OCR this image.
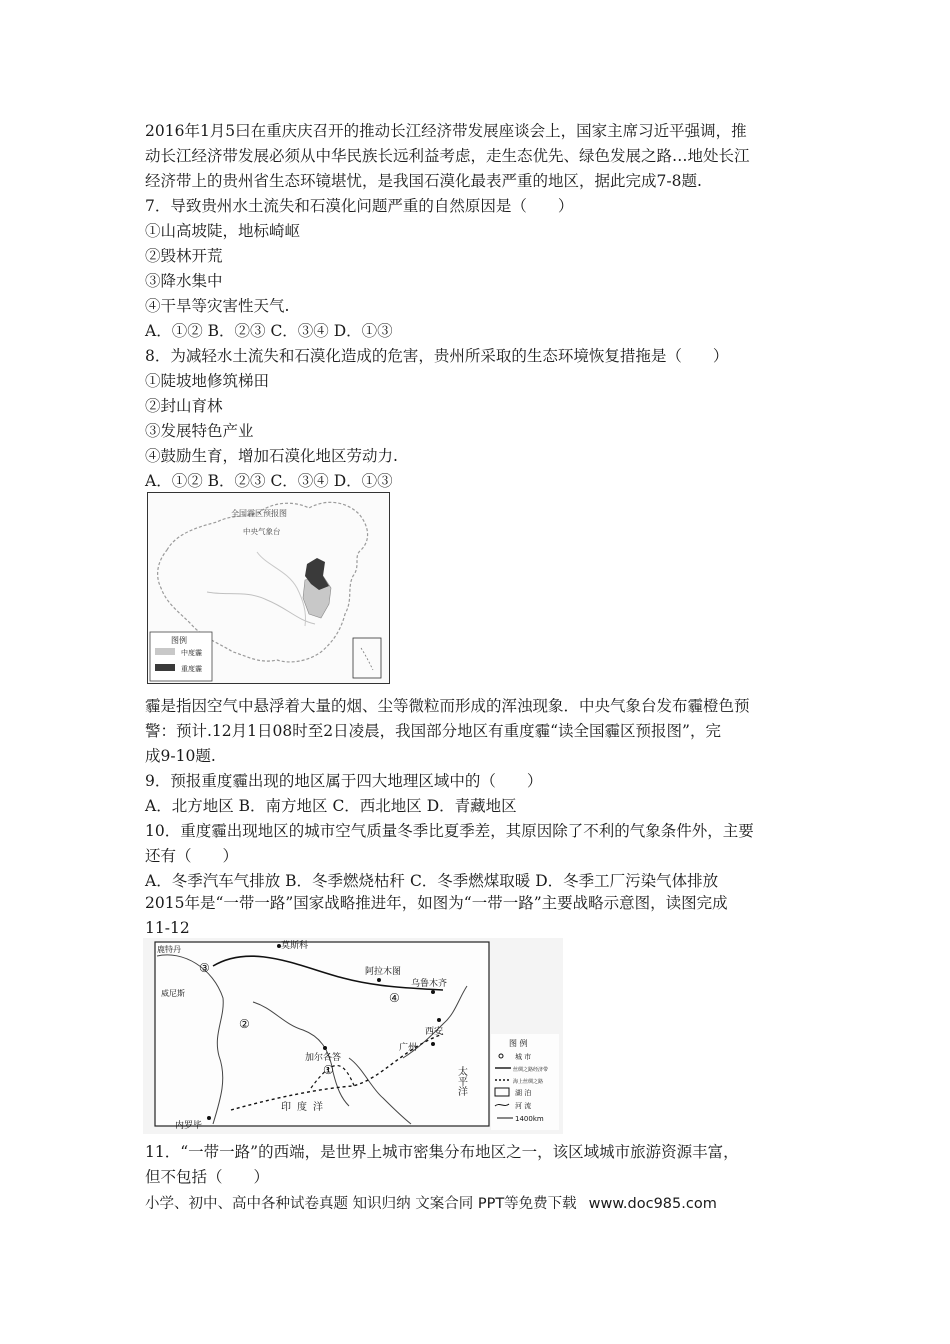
2016年1月5曰在重庆庆召开的推动长江经济带发展座谈会上，国家主席习近平强调，推
动长江经济带发展必须从中华民族长远利益考虑，走生态优先、绿色发展之路…地处长江
经济带上的贵州省生态环镜堪忧，是我国石漠化最表严重的地区，据此完成7-8题.
7．导致贵州水土流失和石漠化问题严重的自然原因是（　　）
①山高坡陡，地标崎岖
②毁林开荒
③降水集中
④干旱等灾害性天气.
A．①② B．②③ C．③④ D．①③
8．为减轻水土流失和石漠化造成的危害，贵州所采取的生态环境恢复措拖是（　　）
①陡坡地修筑梯田
②封山育林
③发展特色产业
④鼓励生育，增加石漠化地区劳动力.
A．①② B．②③ C．③④ D．①③
全国霾区预报图
中央气象台
图例
中度霾
重度霾
霾是指因空气中悬浮着大量的烟、尘等微粒而形成的浑浊现象．中央气象台发布霾橙色预
警：预计.12月1日08时至2日凌晨，我国部分地区有重度霾“读全国霾区预报图”，完
成9-10题.
9．预报重度霾出现的地区属于四大地理区域中的（　　）
A．北方地区 B．南方地区 C．西北地区 D．青藏地区
10．重度霾出现地区的城市空气质量冬季比夏季差，其原因除了不利的气象条件外，主要
还有（　　）
A．冬季汽车气排放 B．冬季燃烧枯秆 C．冬季燃煤取暖 D．冬季工厂污染气体排放
2015年是“一带一路”国家战略推进年，如图为“一带一路”主要战略示意图，读图完成
11-12
莫斯科
鹿特丹
威尼斯
阿拉木图
乌鲁木齐
西安
加尔各答
广州
内罗毕
印度洋
太平洋
①
②
③
④
图 例
城 市
丝绸之路经济带
海上丝绸之路
湖 泊
河 流
1400km
11．“一带一路”的西端，是世界上城市密集分布地区之一，该区域城市旅游资源丰富，
但不包括（　　）
小学、初中、高中各种试卷真题 知识归纳 文案合同 PPT等免费下载 www.doc985.com
